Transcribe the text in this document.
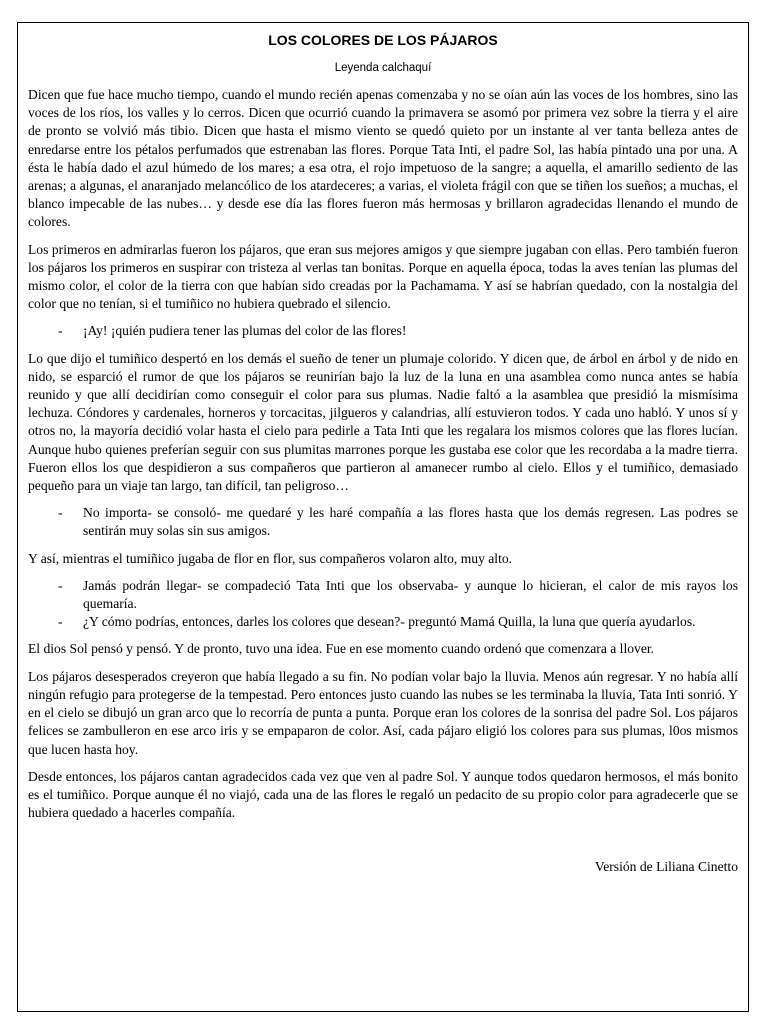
LOS COLORES DE LOS PÁJAROS
Leyenda calchaquí

Dicen que fue hace mucho tiempo, cuando el mundo recién apenas comenzaba y no se oían aún las voces de los hombres, sino las voces de los ríos, los valles y lo cerros. Dicen que ocurrió cuando la primavera se asomó por primera vez sobre la tierra y el aire de pronto se volvió más tibio. Dicen que hasta el mismo viento se quedó quieto por un instante al ver tanta belleza antes de enredarse entre los pétalos perfumados que estrenaban las flores. Porque Tata Inti, el padre Sol, las había pintado una por una. A ésta le había dado el azul húmedo de los mares; a esa otra, el rojo impetuoso de la sangre; a aquella, el amarillo sediento de las arenas; a algunas, el anaranjado melancólico de los atardeceres; a varias, el violeta frágil con que se tiñen los sueños; a muchas, el blanco impecable de las nubes… y desde ese día las flores fueron más hermosas y brillaron agradecidas llenando el mundo de colores.

Los primeros en admirarlas fueron los pájaros, que eran sus mejores amigos y que siempre jugaban con ellas. Pero también fueron los pájaros los primeros en suspirar con tristeza al verlas tan bonitas. Porque en aquella época, todas la aves tenían las plumas del mismo color, el color de la tierra con que habían sido creadas por la Pachamama. Y así se habrían quedado, con la nostalgia del color que no tenían, si el tumiñico no hubiera quebrado el silencio.

-	¡Ay! ¡quién pudiera tener las plumas del color de las flores!

Lo que dijo el tumiñico despertó en los demás el sueño de tener un plumaje colorido. Y dicen que, de árbol en árbol y de nido en nido, se esparció el rumor de que los pájaros se reunirían bajo la luz de la luna en una asamblea como nunca antes se había reunido y que allí decidirían como conseguir el color para sus plumas. Nadie faltó a la asamblea que presidió la mismísima lechuza. Cóndores y cardenales, horneros y torcacitas, jilgueros y calandrias, allí estuvieron todos. Y cada uno habló. Y unos sí y otros no, la mayoría decidió volar hasta el cielo para pedirle a Tata Inti que les regalara los mismos colores que las flores lucían. Aunque hubo quienes preferían seguir con sus plumitas marrones porque les gustaba ese color que les recordaba a la madre tierra. Fueron ellos los que despidieron a sus compañeros que partieron al amanecer rumbo al cielo. Ellos y el tumiñico, demasiado pequeño para un viaje tan largo, tan difícil, tan peligroso…

-	No importa- se consoló- me quedaré y les haré compañía a las flores hasta que los demás regresen. Las podres se sentirán muy solas sin sus amigos.

Y así, mientras el tumiñico jugaba de flor en flor, sus compañeros volaron alto, muy alto.

-	Jamás podrán llegar- se compadeció Tata Inti que los observaba- y aunque lo hicieran, el calor de mis rayos los quemaría.
-	¿Y cómo podrías, entonces, darles los colores que desean?- preguntó Mamá Quilla, la luna que quería ayudarlos.

El dios Sol pensó y pensó. Y de pronto, tuvo una idea. Fue en ese momento cuando ordenó que comenzara a llover.

Los pájaros desesperados creyeron que había llegado a su fin. No podían volar bajo la lluvia. Menos aún regresar. Y no había allí ningún refugio para protegerse de la tempestad. Pero entonces justo cuando las nubes se les terminaba la lluvia, Tata Inti sonrió. Y en el cielo se dibujó un gran arco que lo recorría de punta a punta. Porque eran los colores de la sonrisa del padre Sol. Los pájaros felices se zambulleron en ese arco iris y se empaparon de color. Así, cada pájaro eligió los colores para sus plumas, l0os mismos que lucen hasta hoy.

Desde entonces, los pájaros cantan agradecidos cada vez que ven al padre Sol. Y aunque todos quedaron hermosos, el más bonito es el tumiñico. Porque aunque él no viajó, cada una de las flores le regaló un pedacito de su propio color para agradecerle que se hubiera quedado a hacerles compañía.

Versión de Liliana Cinetto
